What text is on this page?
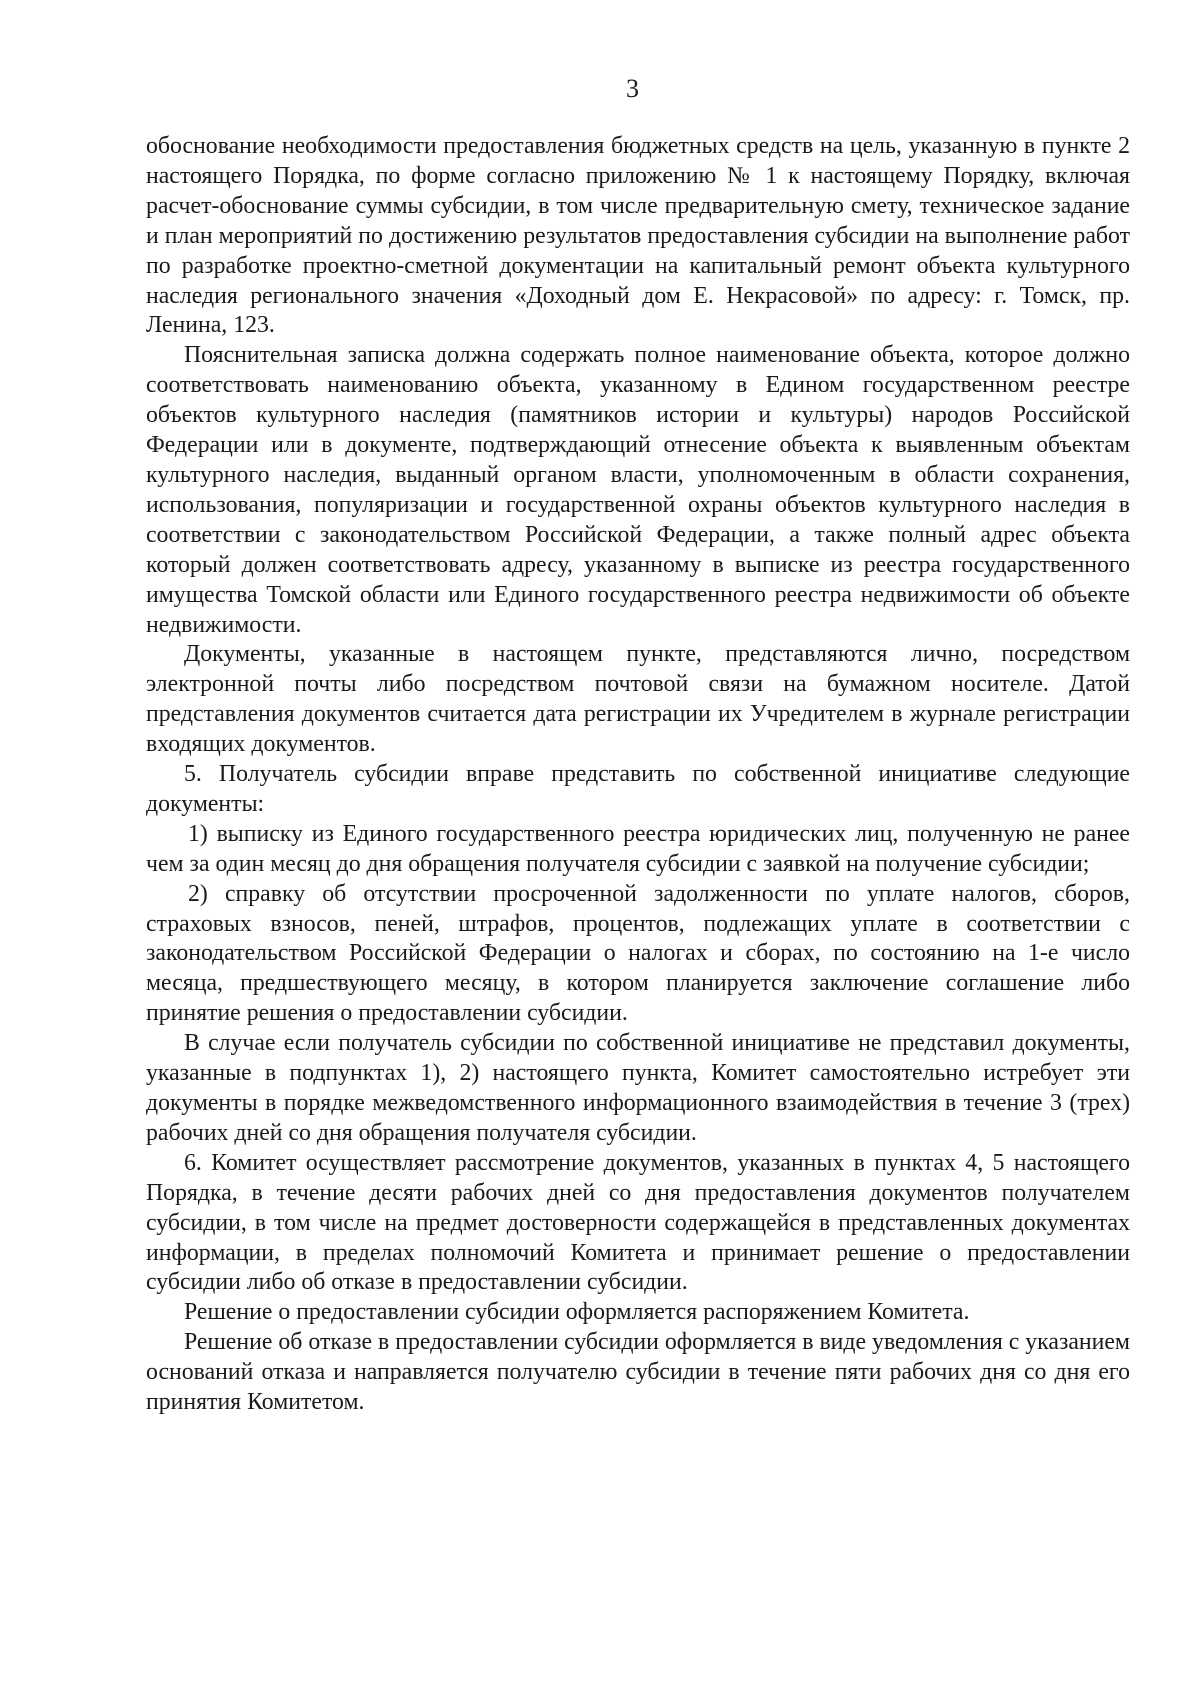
3

обоснование необходимости предоставления бюджетных средств на цель, указанную в пункте 2 настоящего Порядка, по форме согласно приложению № 1 к настоящему Порядку, включая расчет-обоснование суммы субсидии, в том числе предварительную смету, техническое задание и план мероприятий по достижению результатов предоставления субсидии на выполнение работ по разработке проектно-сметной документации на капитальный ремонт объекта культурного наследия регионального значения «Доходный дом Е. Некрасовой» по адресу: г. Томск, пр. Ленина, 123.

Пояснительная записка должна содержать полное наименование объекта, которое должно соответствовать наименованию объекта, указанному в Едином государственном реестре объектов культурного наследия (памятников истории и культуры) народов Российской Федерации или в документе, подтверждающий отнесение объекта к выявленным объектам культурного наследия, выданный органом власти, уполномоченным в области сохранения, использования, популяризации и государственной охраны объектов культурного наследия в соответствии с законодательством Российской Федерации, а также полный адрес объекта который должен соответствовать адресу, указанному в выписке из реестра государственного имущества Томской области или Единого государственного реестра недвижимости об объекте недвижимости.

Документы, указанные в настоящем пункте, представляются лично, посредством электронной почты либо посредством почтовой связи на бумажном носителе. Датой представления документов считается дата регистрации их Учредителем в журнале регистрации входящих документов.

5. Получатель субсидии вправе представить по собственной инициативе следующие документы:

1) выписку из Единого государственного реестра юридических лиц, полученную не ранее чем за один месяц до дня обращения получателя субсидии с заявкой на получение субсидии;

2) справку об отсутствии просроченной задолженности по уплате налогов, сборов, страховых взносов, пеней, штрафов, процентов, подлежащих уплате в соответствии с законодательством Российской Федерации о налогах и сборах, по состоянию на 1-е число месяца, предшествующего месяцу, в котором планируется заключение соглашение либо принятие решения о предоставлении субсидии.

В случае если получатель субсидии по собственной инициативе не представил документы, указанные в подпунктах 1), 2) настоящего пункта, Комитет самостоятельно истребует эти документы в порядке межведомственного информационного взаимодействия в течение 3 (трех) рабочих дней со дня обращения получателя субсидии.

6. Комитет осуществляет рассмотрение документов, указанных в пунктах 4, 5 настоящего Порядка, в течение десяти рабочих дней со дня предоставления документов получателем субсидии, в том числе на предмет достоверности содержащейся в представленных документах информации, в пределах полномочий Комитета и принимает решение о предоставлении субсидии либо об отказе в предоставлении субсидии.

Решение о предоставлении субсидии оформляется распоряжением Комитета.

Решение об отказе в предоставлении субсидии оформляется в виде уведомления с указанием оснований отказа и направляется получателю субсидии в течение пяти рабочих дня со дня его принятия Комитетом.
